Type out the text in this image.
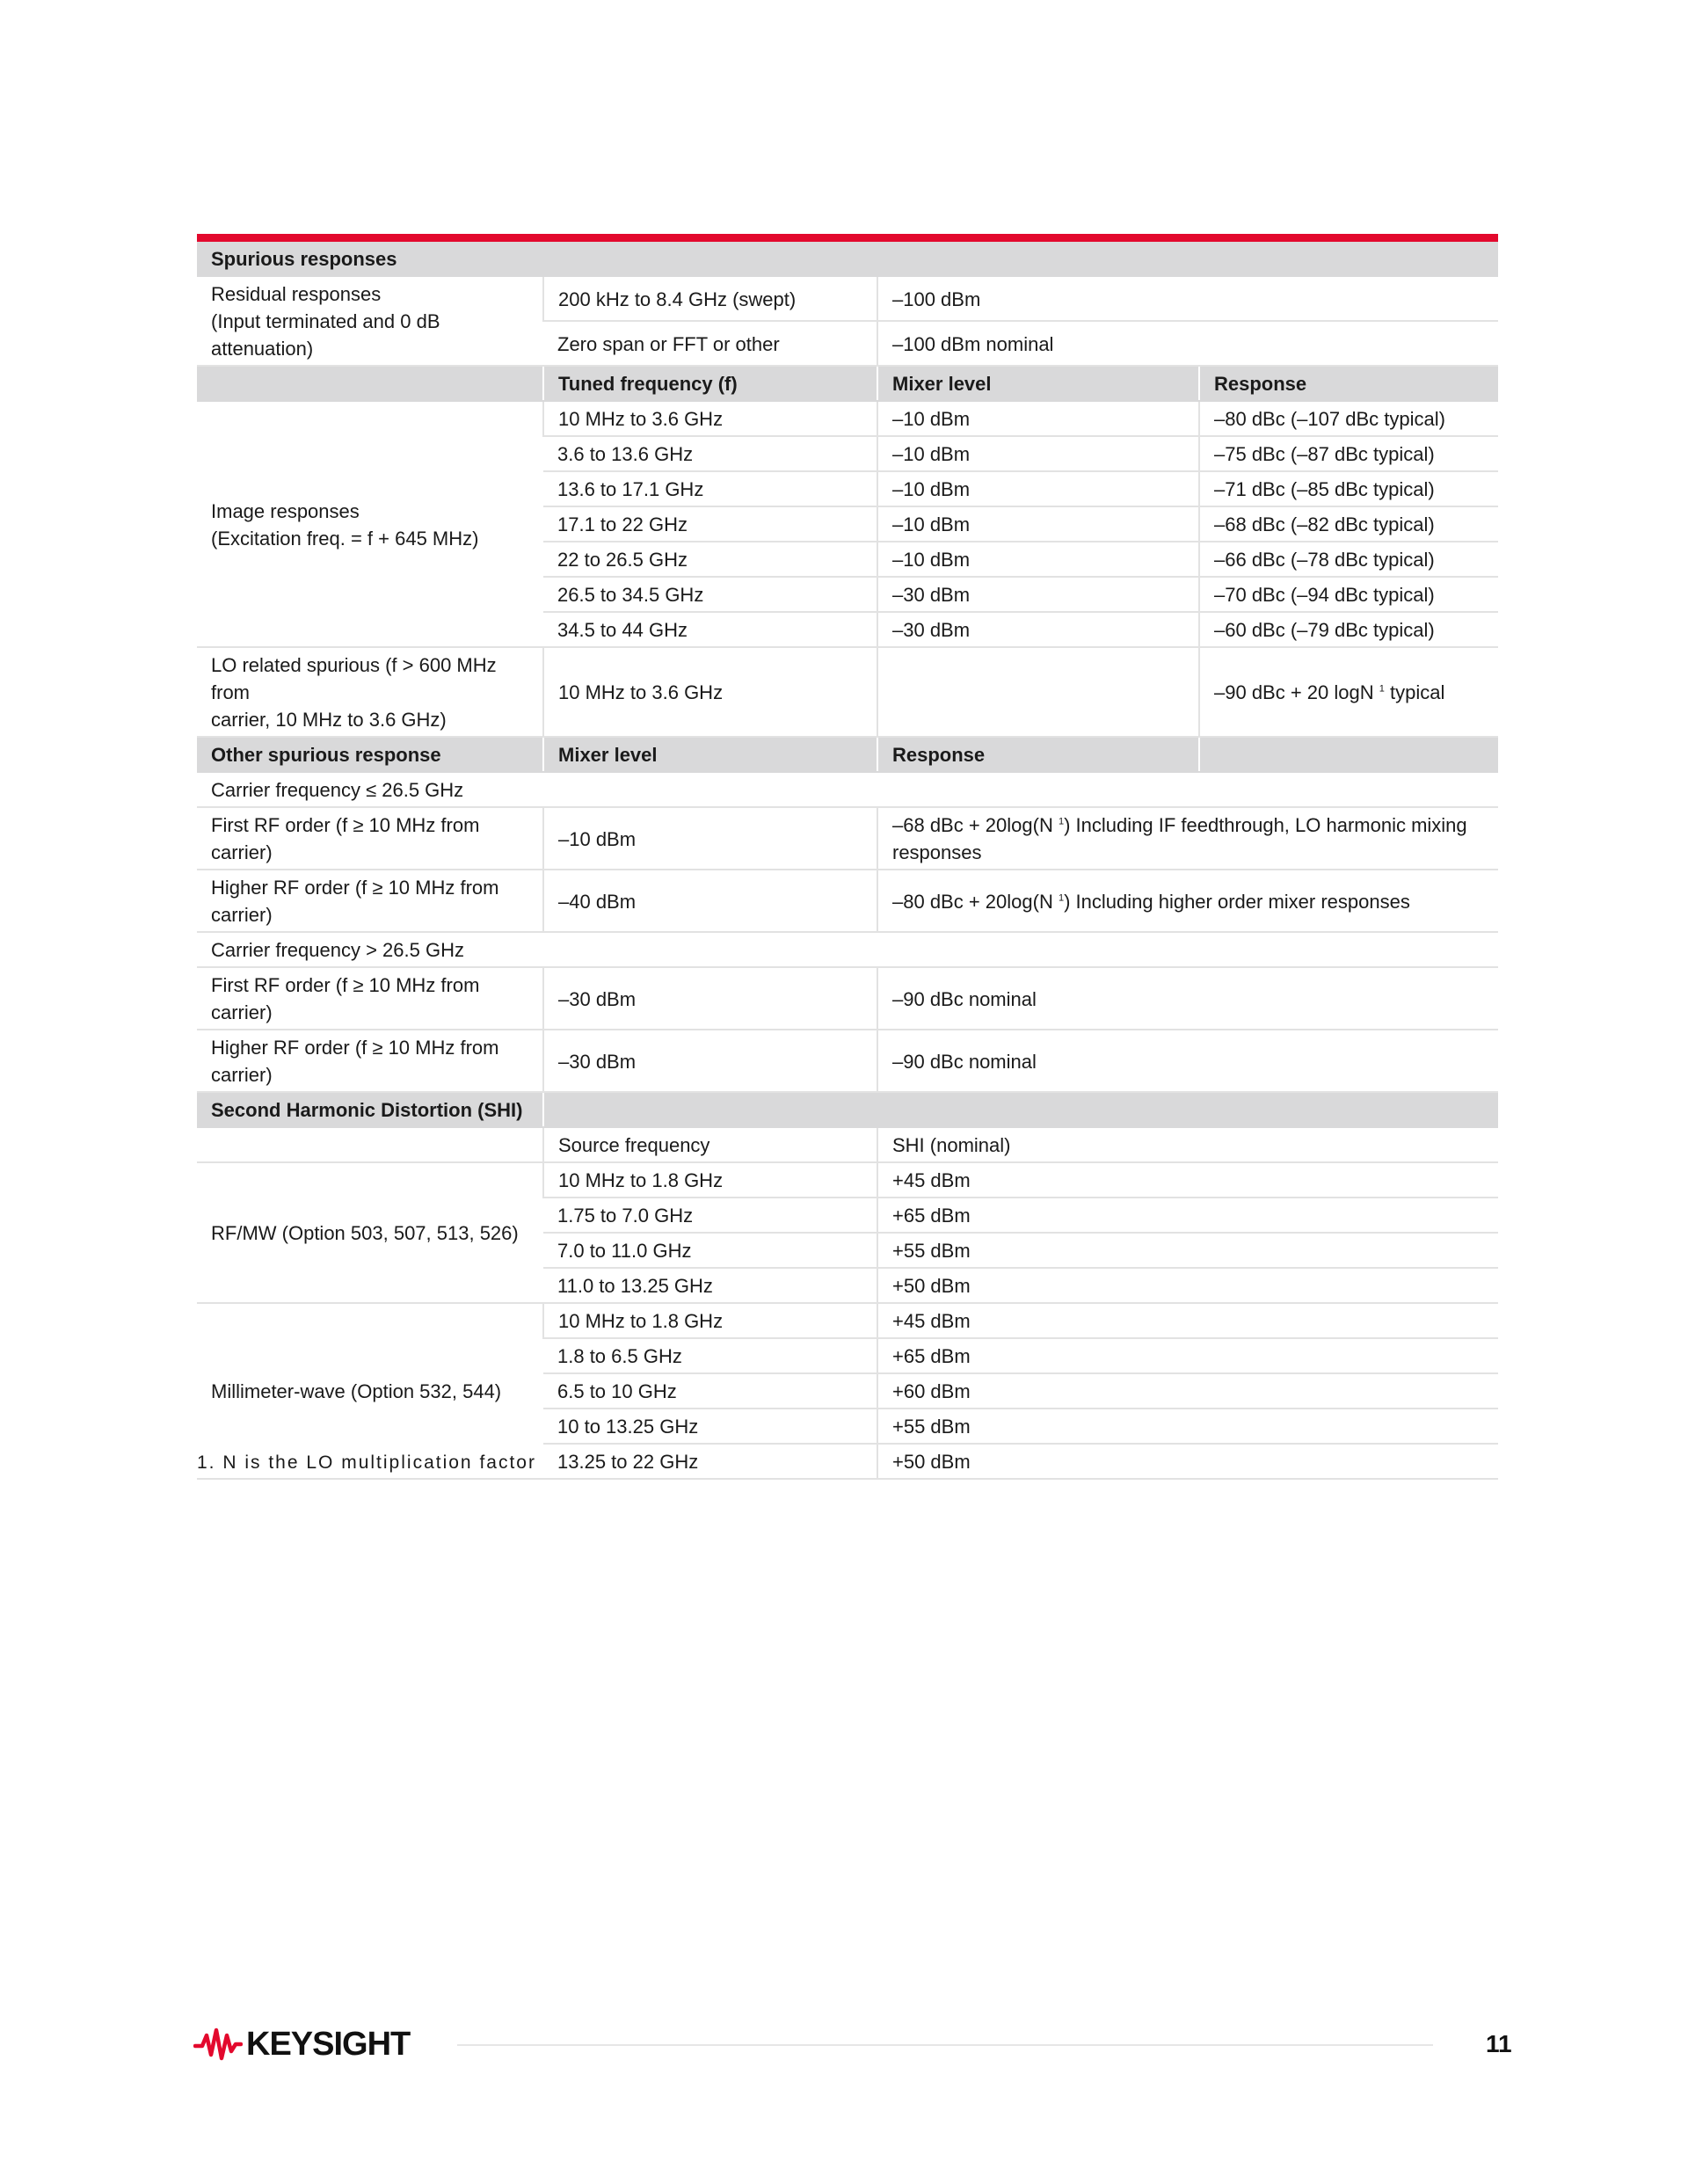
Spurious responses			

Residual responses
(Input terminated and 0 dB attenuation)	200 kHz to 8.4 GHz (swept)	–100 dBm	
	Zero span or FFT or other	–100 dBm nominal	
	Tuned frequency (f)	Mixer level	Response

Image responses
(Excitation freq. = f + 645 MHz)	10 MHz to 3.6 GHz	–10 dBm	–80 dBc (–107 dBc typical)
	3.6 to 13.6 GHz	–10 dBm	–75 dBc (–87 dBc typical)
	13.6 to 17.1 GHz	–10 dBm	–71 dBc (–85 dBc typical)
	17.1 to 22 GHz	–10 dBm	–68 dBc (–82 dBc typical)
	22 to 26.5 GHz	–10 dBm	–66 dBc (–78 dBc typical)
	26.5 to 34.5 GHz	–30 dBm	–70 dBc (–94 dBc typical)
	34.5 to 44 GHz	–30 dBm	–60 dBc (–79 dBc typical)

LO related spurious (f > 600 MHz from
carrier, 10 MHz to 3.6 GHz)	10 MHz to 3.6 GHz		–90 dBc + 20 logN $^1$ typical
Other spurious response	Mixer level	Response	
Carrier frequency ≤ 26.5 GHz			
First RF order (f ≥ 10 MHz from carrier)	–10 dBm	–68 dBc + 20log(N $^1$) Including IF feedthrough, LO harmonic mixing responses	

Higher RF order (f ≥ 10 MHz from
carrier)	–40 dBm	–80 dBc + 20log(N $^1$) Including higher order mixer responses	
Carrier frequency > 26.5 GHz			
First RF order (f ≥ 10 MHz from carrier)	–30 dBm	–90 dBc nominal	

Higher RF order (f ≥ 10 MHz from
carrier)	–30 dBm	–90 dBc nominal	
Second Harmonic Distortion (SHI)			
	Source frequency	SHI (nominal)	
RF/MW (Option 503, 507, 513, 526)	10 MHz to 1.8 GHz	+45 dBm	
	1.75 to 7.0 GHz	+65 dBm	
	7.0 to 11.0 GHz	+55 dBm	
	11.0 to 13.25 GHz	+50 dBm	
Millimeter-wave (Option 532, 544)	10 MHz to 1.8 GHz	+45 dBm	
	1.8 to 6.5 GHz	+65 dBm	
	6.5 to 10 GHz	+60 dBm	
	10 to 13.25 GHz	+55 dBm	
	13.25 to 22 GHz	+50 dBm	
1. N is the LO multiplication factor
KEYSIGHT	11
